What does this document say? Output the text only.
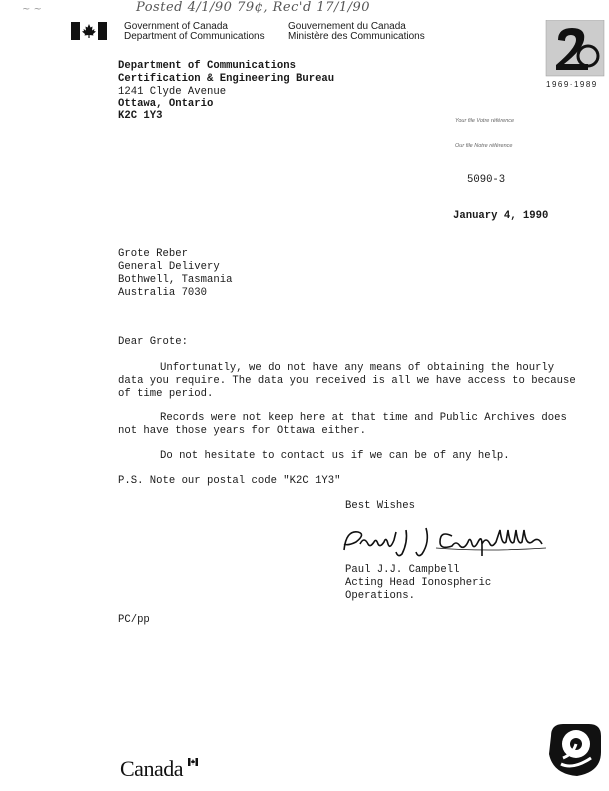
~ ~	Posted 4/1/90 79¢, Rec'd 17/1/90
Government of Canada
Department of Communications
Gouvernement du Canada
Ministère des Communications
1969·1989
Department of Communications
Certification & Engineering Bureau
1241 Clyde Avenue
Ottawa, Ontario
K2C 1Y3	Your file Votre référence
Our file Notre référence
5090-3
January 4, 1990
Grote Reber
General Delivery
Bothwell, Tasmania
Australia 7030
Dear Grote:
Unfortunatly, we do not have any means of obtaining the hourly data you require. The data you received is all we have access to because of time period.
Records were not keep here at that time and Public Archives does not have those years for Ottawa either.
Do not hesitate to contact us if we can be of any help.
P.S. Note our postal code "K2C 1Y3"
Best Wishes
Paul J.J. Campbell
Acting Head Ionospheric
Operations.
PC/pp
Canada
